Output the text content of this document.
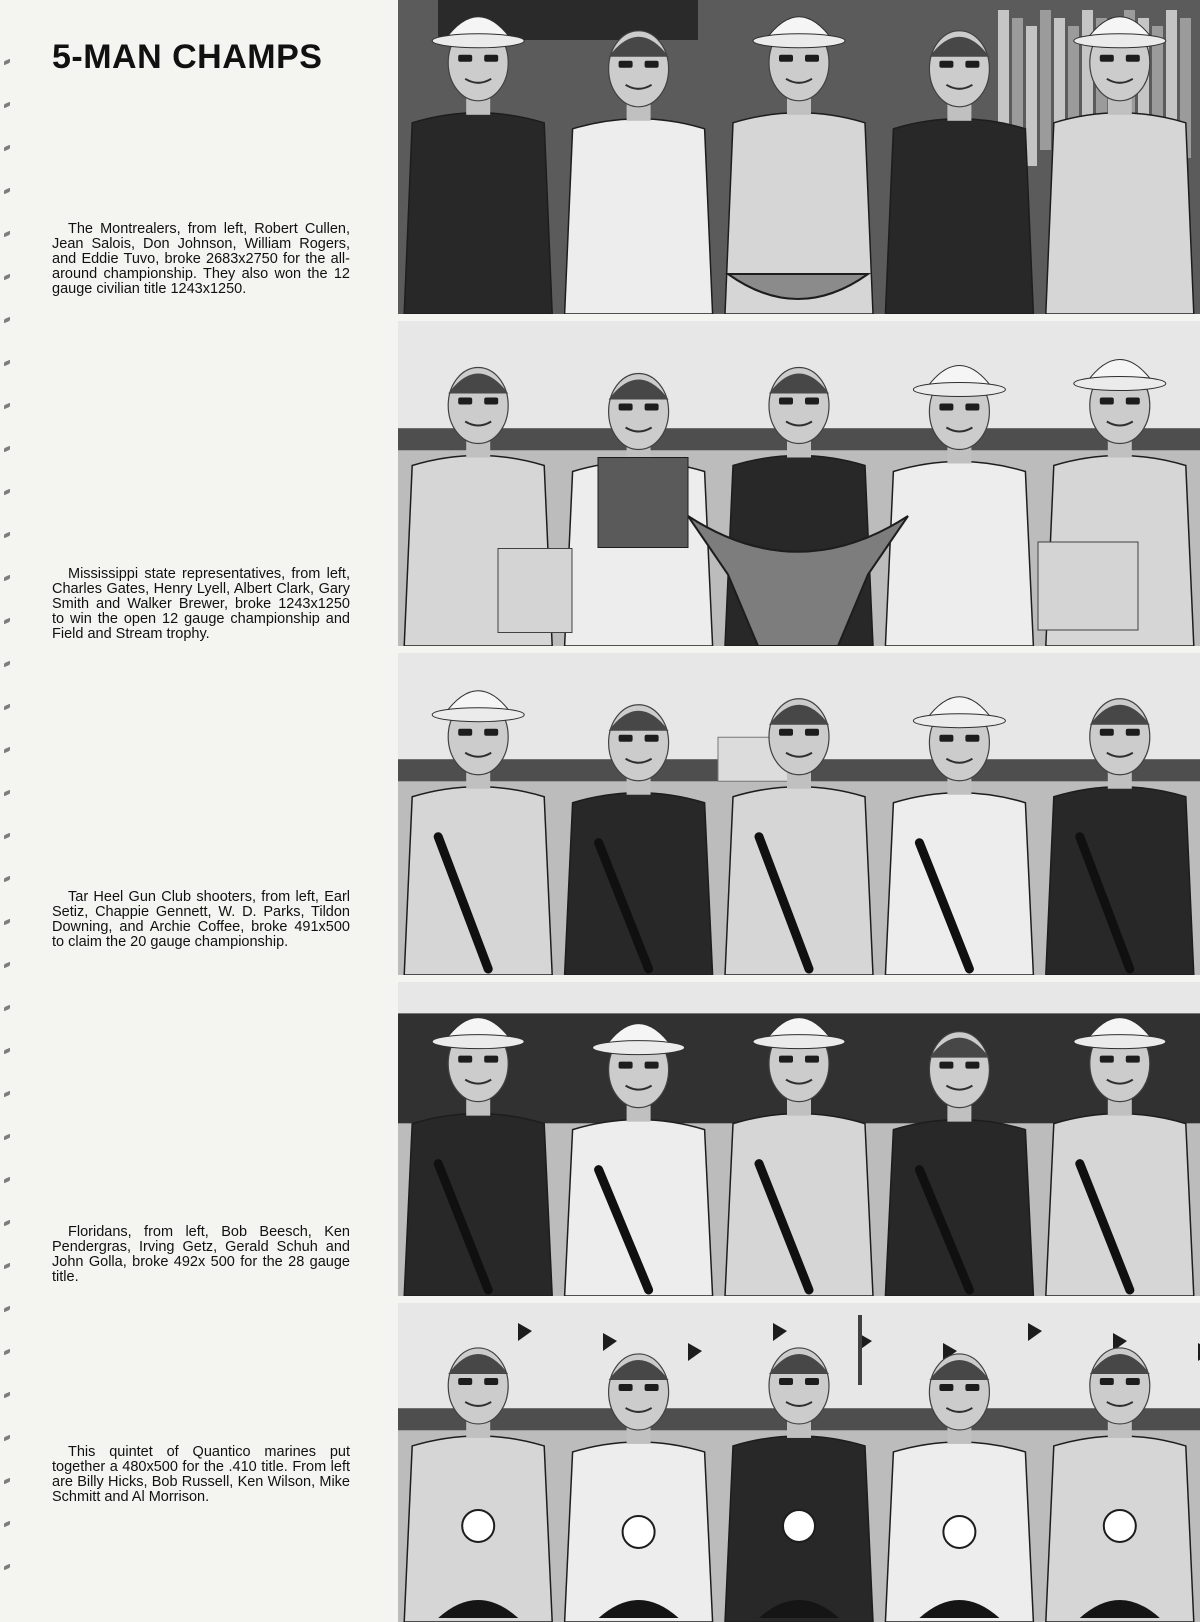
5-MAN CHAMPS

The Montrealers, from left, Robert Cullen, Jean Salois, Don Johnson, William Rogers, and Eddie Tuvo, broke 2683x2750 for the all-around championship. They also won the 12 gauge civilian title 1243x1250.

Mississippi state representatives, from left, Charles Gates, Henry Lyell, Albert Clark, Gary Smith and Walker Brewer, broke 1243x1250 to win the open 12 gauge championship and Field and Stream trophy.

Tar Heel Gun Club shooters, from left, Earl Setiz, Chappie Gennett, W. D. Parks, Tildon Downing, and Archie Coffee, broke 491x500 to claim the 20 gauge championship.

Floridans, from left, Bob Beesch, Ken Pendergras, Irving Getz, Gerald Schuh and John Golla, broke 492x 500 for the 28 gauge title.

This quintet of Quantico marines put together a 480x500 for the .410 title. From left are Billy Hicks, Bob Russell, Ken Wilson, Mike Schmitt and Al Morrison.
